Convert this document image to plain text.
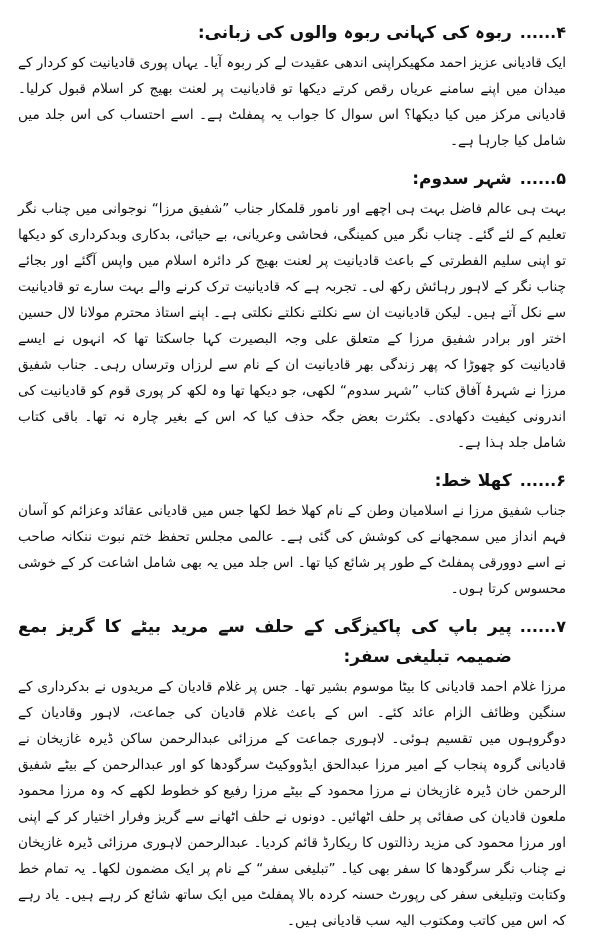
۴......
ربوہ کی کہانی ربوہ والوں کی زبانی:

ایک قادیانی عزیز احمد مکھیکراپنی اندھی عقیدت لے کر ربوہ آیا۔ یہاں پوری قادیانیت کو کردار کے میدان میں اپنے سامنے عریاں رقص کرتے دیکھا تو قادیانیت پر لعنت بھیج کر اسلام قبول کرلیا۔ قادیانی مرکز میں کیا دیکھا؟ اس سوال کا جواب یہ پمفلٹ ہے۔ اسے احتساب کی اس جلد میں شامل کیا جارہا ہے۔

۵......
شہر سدوم:

بہت ہی عالم فاضل بہت ہی اچھے اور نامور قلمکار جناب ”شفیق مرزا“ نوجوانی میں چناب نگر تعلیم کے لئے گئے۔ چناب نگر میں کمینگی، فحاشی وعریانی، بے حیائی، بدکاری وبدکرداری کو دیکھا تو اپنی سلیم الفطرتی کے باعث قادیانیت پر لعنت بھیج کر دائرہ اسلام میں واپس آگئے اور بجائے چناب نگر کے لاہور رہائش رکھ لی۔ تجربہ ہے کہ قادیانیت ترک کرنے والے بہت سارے تو قادیانیت سے نکل آتے ہیں۔ لیکن قادیانیت ان سے نکلتے نکلتے نکلتی ہے۔ اپنے استاذ محترم مولانا لال حسین اختر اور برادر شفیق مرزا کے متعلق علی وجہ البصیرت کہا جاسکتا تھا کہ انہوں نے ایسے قادیانیت کو چھوڑا کہ پھر زندگی بھر قادیانیت ان کے نام سے لرزاں وترساں رہی۔ جناب شفیق مرزا نے شہرۂ آفاق کتاب ”شہر سدوم“ لکھی، جو دیکھا تھا وہ لکھ کر پوری قوم کو قادیانیت کی اندرونی کیفیت دکھادی۔ بکثرت بعض جگہ حذف کیا کہ اس کے بغیر چارہ نہ تھا۔ باقی کتاب شامل جلد ہذا ہے۔

۶......
کھلا خط:

جناب شفیق مرزا نے اسلامیان وطن کے نام کھلا خط لکھا جس میں قادیانی عقائد وعزائم کو آسان فہم انداز میں سمجھانے کی کوشش کی گئی ہے۔ عالمی مجلس تحفظ ختم نبوت ننکانہ صاحب نے اسے دوورقی پمفلٹ کے طور پر شائع کیا تھا۔ اس جلد میں یہ بھی شامل اشاعت کر کے خوشی محسوس کرتا ہوں۔

۷......
پیر باپ کی پاکیزگی کے حلف سے مرید بیٹے کا گریز بمع ضمیمہ تبلیغی سفر:

مرزا غلام احمد قادیانی کا بیٹا موسوم بشیر تھا۔ جس پر غلام قادیان کے مریدوں نے بدکرداری کے سنگین وظائف الزام عائد کئے۔ اس کے باعث غلام قادیان کی جماعت، لاہور وقادیان کے دوگروہوں میں تقسیم ہوئی۔ لاہوری جماعت کے مرزائی عبدالرحمن ساکن ڈیرہ غازیخان نے قادیانی گروہ پنجاب کے امیر مرزا عبدالحق ایڈووکیٹ سرگودھا کو اور عبدالرحمن کے بیٹے شفیق الرحمن خان ڈیرہ غازیخان نے مرزا محمود کے بیٹے مرزا رفیع کو خطوط لکھے کہ وہ مرزا محمود ملعون قادیان کی صفائی پر حلف اٹھائیں۔ دونوں نے حلف اٹھانے سے گریز وفرار اختیار کر کے اپنی اور مرزا محمود کی مزید رذالتوں کا ریکارڈ قائم کردیا۔ عبدالرحمن لاہوری مرزائی ڈیرہ غازیخان نے چناب نگر سرگودھا کا سفر بھی کیا۔ ”تبلیغی سفر“ کے نام پر ایک مضمون لکھا۔ یہ تمام خط وکتابت وتبلیغی سفر کی رپورٹ حسنہ کردہ بالا پمفلٹ میں ایک ساتھ شائع کر رہے ہیں۔ یاد رہے کہ اس میں کاتب ومکتوب الیہ سب قادیانی ہیں۔
